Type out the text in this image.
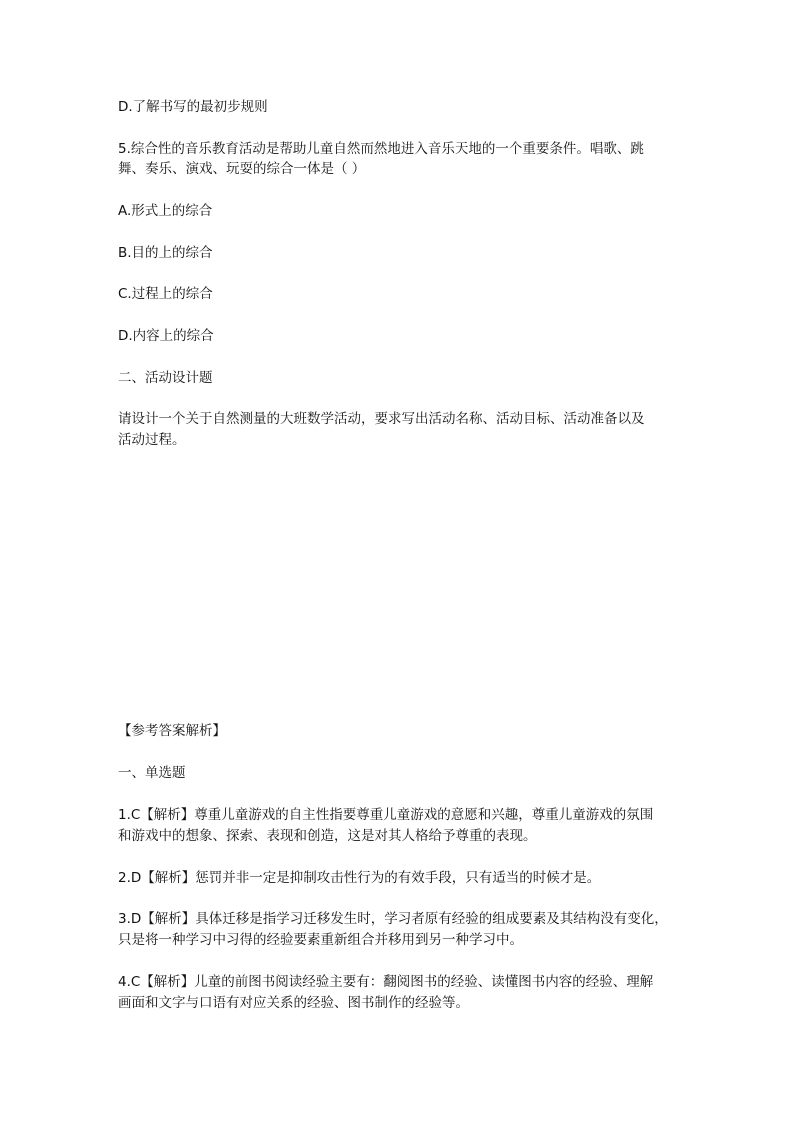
D.了解书写的最初步规则

5.综合性的音乐教育活动是帮助儿童自然而然地进入音乐天地的一个重要条件。唱歌、跳

舞、奏乐、演戏、玩耍的综合一体是（ ）

A.形式上的综合

B.目的上的综合

C.过程上的综合

D.内容上的综合

二、活动设计题

请设计一个关于自然测量的大班数学活动，要求写出活动名称、活动目标、活动准备以及

活动过程。

【参考答案解析】

一、单选题

1.C【解析】尊重儿童游戏的自主性指要尊重儿童游戏的意愿和兴趣，尊重儿童游戏的氛围

和游戏中的想象、探索、表现和创造，这是对其人格给予尊重的表现。

2.D【解析】惩罚并非一定是抑制攻击性行为的有效手段，只有适当的时候才是。

3.D【解析】具体迁移是指学习迁移发生时，学习者原有经验的组成要素及其结构没有变化，

只是将一种学习中习得的经验要素重新组合并移用到另一种学习中。

4.C【解析】儿童的前图书阅读经验主要有：翻阅图书的经验、读懂图书内容的经验、理解

画面和文字与口语有对应关系的经验、图书制作的经验等。
